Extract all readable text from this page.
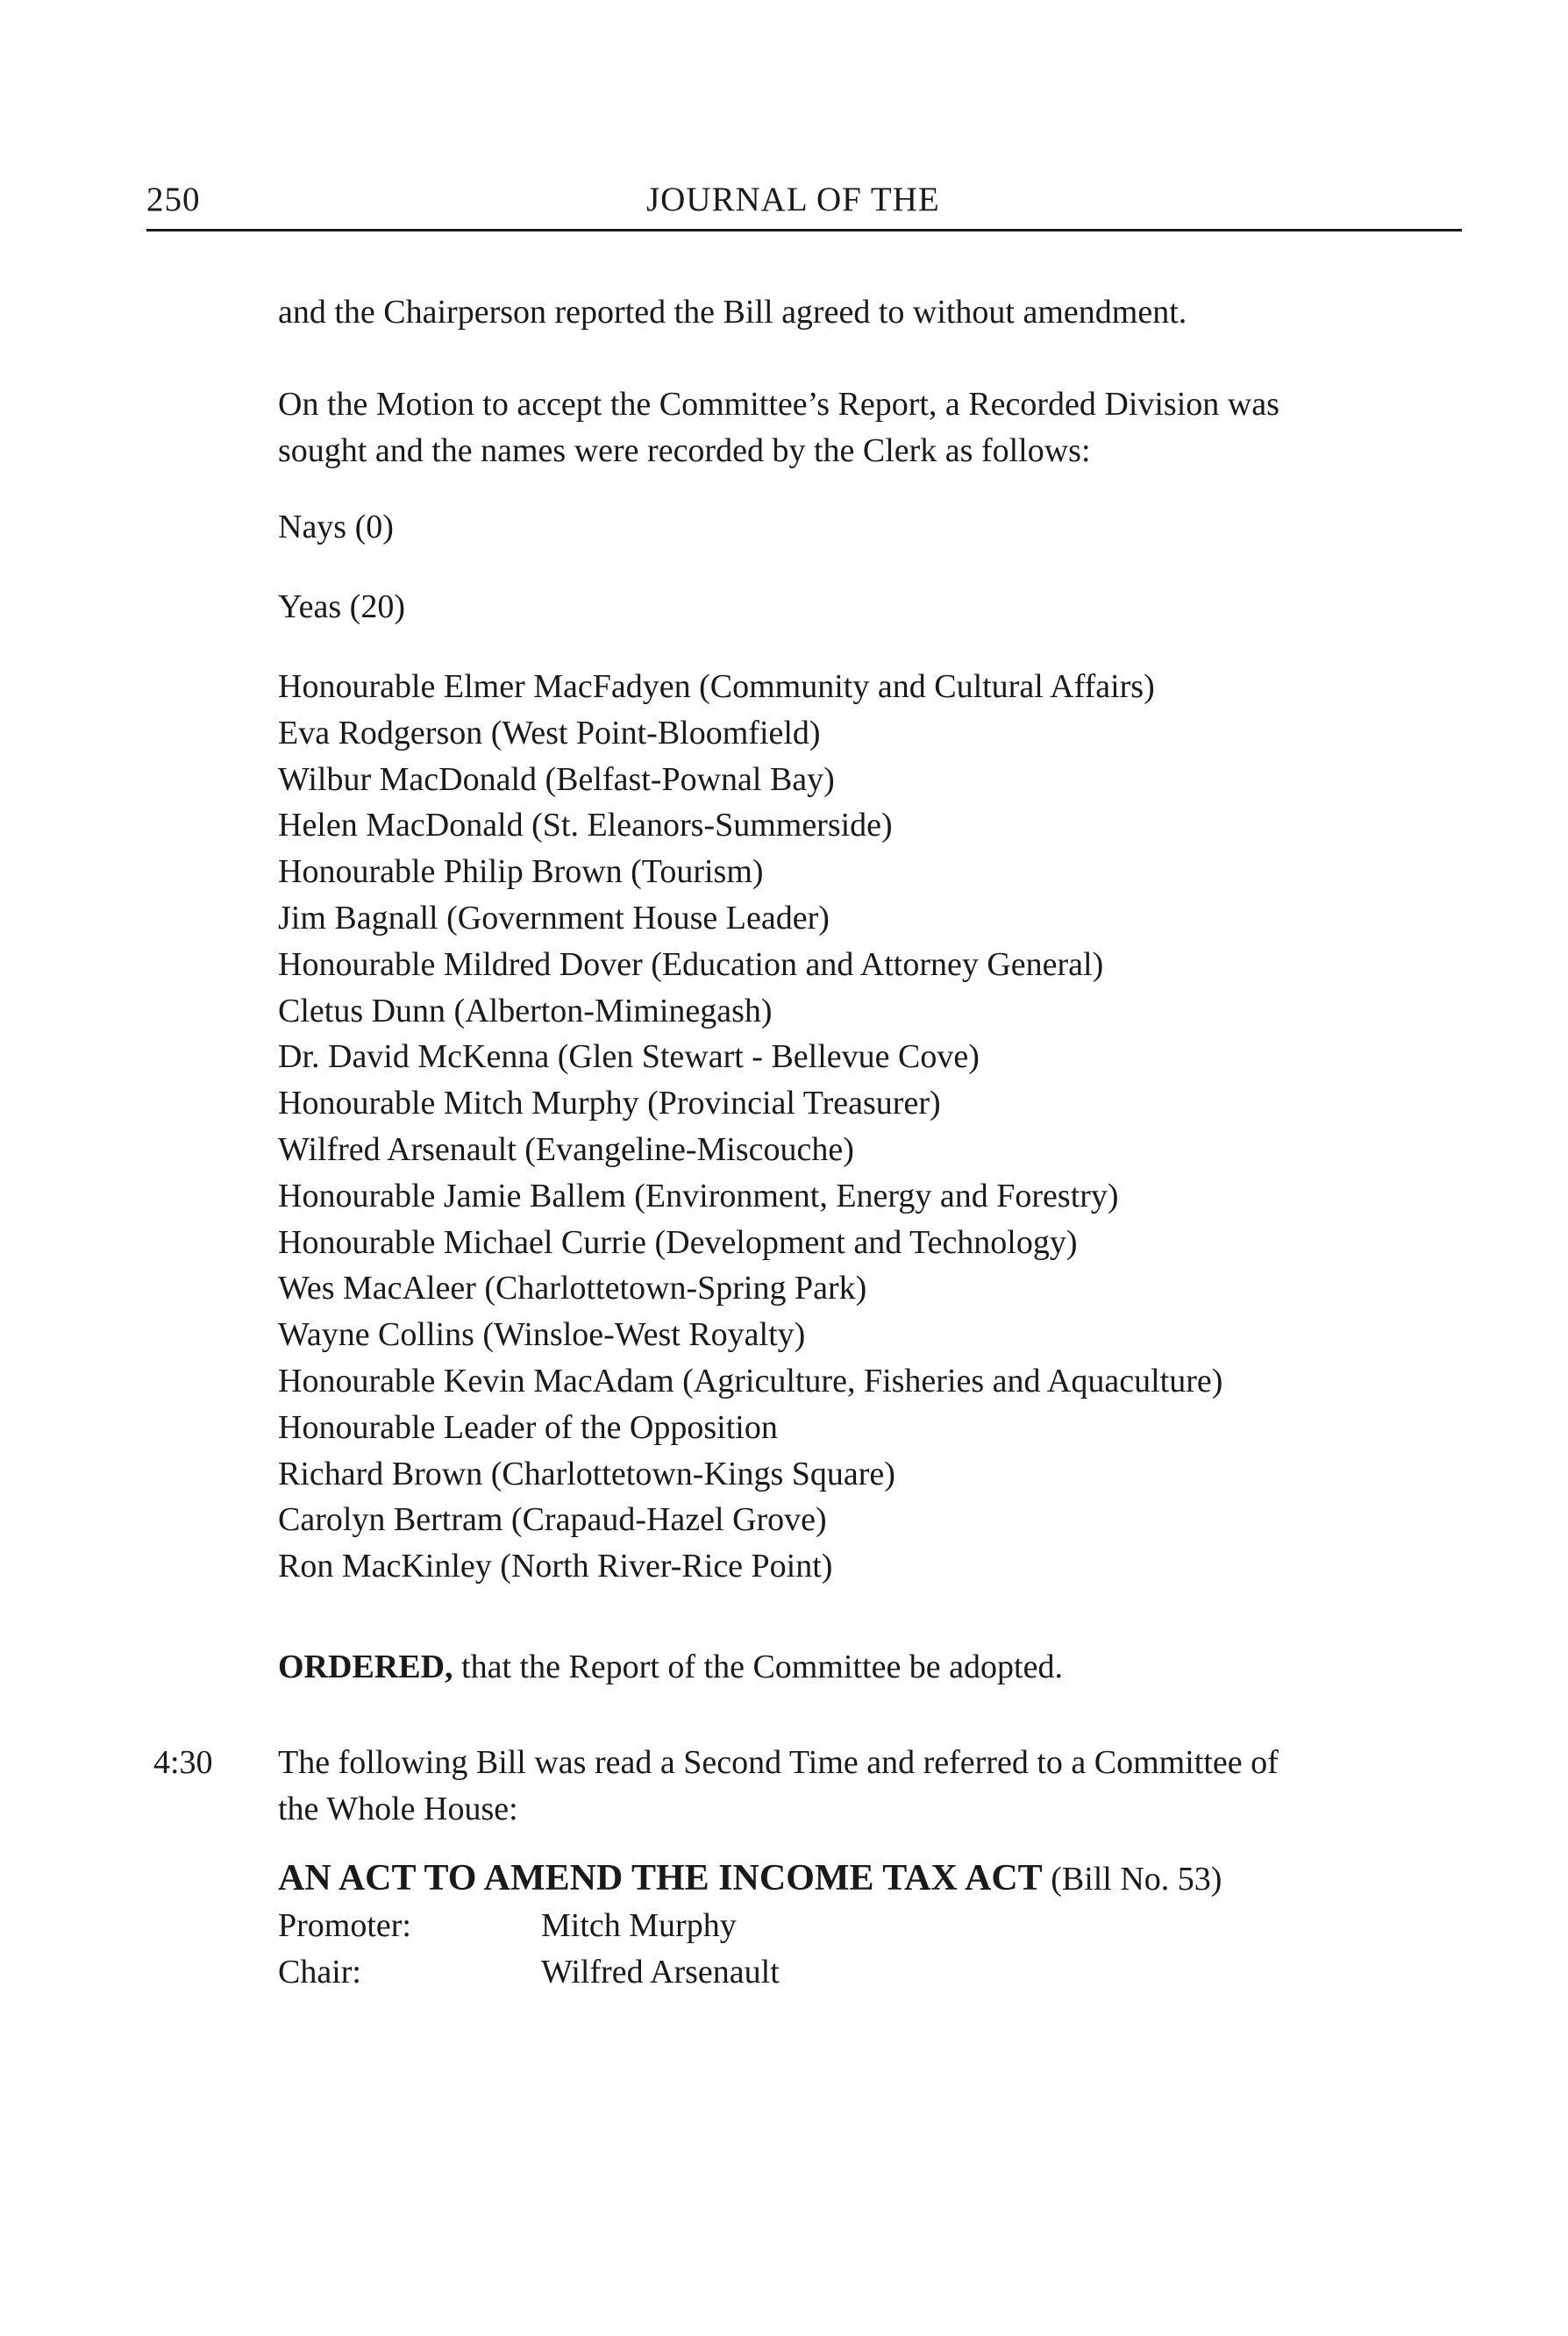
250	JOURNAL OF THE
and the Chairperson reported the Bill agreed to without amendment.
On the Motion to accept the Committee’s Report, a Recorded Division was
sought and the names were recorded by the Clerk as follows:
Nays (0)
Yeas (20)
Honourable Elmer MacFadyen (Community and Cultural Affairs)
Eva Rodgerson (West Point-Bloomfield)
Wilbur MacDonald (Belfast-Pownal Bay)
Helen MacDonald (St. Eleanors-Summerside)
Honourable Philip Brown (Tourism)
Jim Bagnall (Government House Leader)
Honourable Mildred Dover (Education and Attorney General)
Cletus Dunn (Alberton-Miminegash)
Dr. David McKenna (Glen Stewart - Bellevue Cove)
Honourable Mitch Murphy (Provincial Treasurer)
Wilfred Arsenault (Evangeline-Miscouche)
Honourable Jamie Ballem (Environment, Energy and Forestry)
Honourable Michael Currie (Development and Technology)
Wes MacAleer (Charlottetown-Spring Park)
Wayne Collins (Winsloe-West Royalty)
Honourable Kevin MacAdam (Agriculture, Fisheries and Aquaculture)
Honourable Leader of the Opposition
Richard Brown (Charlottetown-Kings Square)
Carolyn Bertram (Crapaud-Hazel Grove)
Ron MacKinley (North River-Rice Point)
ORDERED, that the Report of the Committee be adopted.
4:30 The following Bill was read a Second Time and referred to a Committee of
the Whole House:
AN ACT TO AMEND THE INCOME TAX ACT (Bill No. 53)
Promoter:	Mitch Murphy
Chair:	Wilfred Arsenault
